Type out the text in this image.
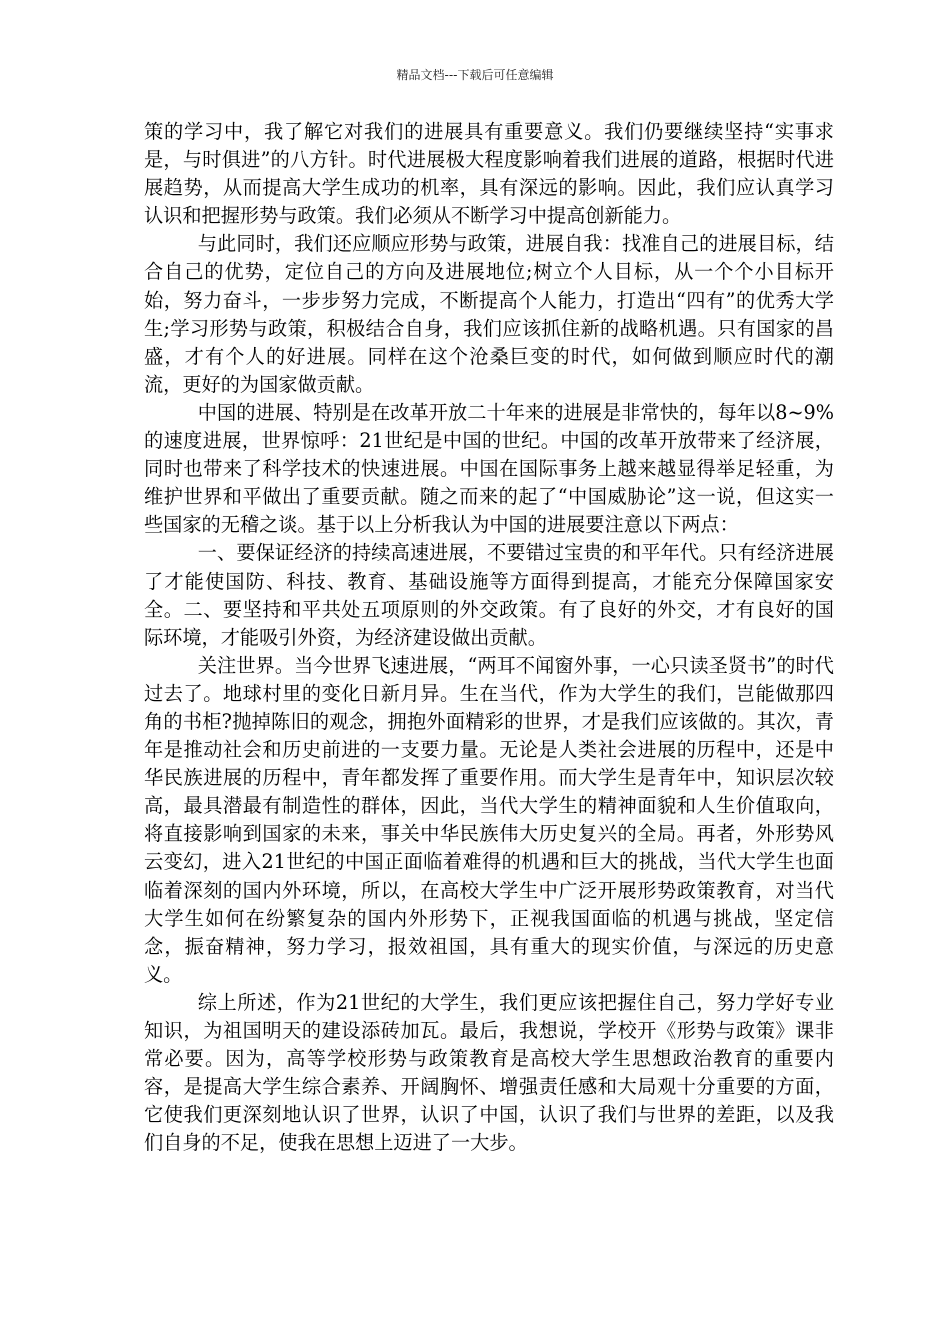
精品文档---下载后可任意编辑

策的学习中，我了解它对我们的进展具有重要意义。我们仍要继续坚持“实事求是，与时俱进”的八方针。时代进展极大程度影响着我们进展的道路，根据时代进展趋势，从而提高大学生成功的机率，具有深远的影响。因此，我们应认真学习认识和把握形势与政策。我们必须从不断学习中提高创新能力。

与此同时，我们还应顺应形势与政策，进展自我：找准自己的进展目标，结合自己的优势，定位自己的方向及进展地位;树立个人目标，从一个个小目标开始，努力奋斗，一步步努力完成，不断提高个人能力，打造出“四有”的优秀大学生;学习形势与政策，积极结合自身，我们应该抓住新的战略机遇。只有国家的昌盛，才有个人的好进展。同样在这个沧桑巨变的时代，如何做到顺应时代的潮流，更好的为国家做贡献。

中国的进展、特别是在改革开放二十年来的进展是非常快的，每年以8~9%的速度进展，世界惊呼：21世纪是中国的世纪。中国的改革开放带来了经济展，同时也带来了科学技术的快速进展。中国在国际事务上越来越显得举足轻重，为维护世界和平做出了重要贡献。随之而来的起了“中国威胁论”这一说，但这实一些国家的无稽之谈。基于以上分析我认为中国的进展要注意以下两点：

一、要保证经济的持续高速进展，不要错过宝贵的和平年代。只有经济进展了才能使国防、科技、教育、基础设施等方面得到提高，才能充分保障国家安全。二、要坚持和平共处五项原则的外交政策。有了良好的外交，才有良好的国际环境，才能吸引外资，为经济建设做出贡献。

关注世界。当今世界飞速进展，“两耳不闻窗外事，一心只读圣贤书”的时代过去了。地球村里的变化日新月异。生在当代，作为大学生的我们，岂能做那四角的书柜?抛掉陈旧的观念，拥抱外面精彩的世界，才是我们应该做的。其次，青年是推动社会和历史前进的一支要力量。无论是人类社会进展的历程中，还是中华民族进展的历程中，青年都发挥了重要作用。而大学生是青年中，知识层次较高，最具潜最有制造性的群体，因此，当代大学生的精神面貌和人生价值取向，将直接影响到国家的未来，事关中华民族伟大历史复兴的全局。再者，外形势风云变幻，进入21世纪的中国正面临着难得的机遇和巨大的挑战，当代大学生也面临着深刻的国内外环境，所以，在高校大学生中广泛开展形势政策教育，对当代大学生如何在纷繁复杂的国内外形势下，正视我国面临的机遇与挑战，坚定信念，振奋精神，努力学习，报效祖国，具有重大的现实价值，与深远的历史意义。

综上所述，作为21世纪的大学生，我们更应该把握住自己，努力学好专业知识，为祖国明天的建设添砖加瓦。最后，我想说，学校开《形势与政策》课非常必要。因为，高等学校形势与政策教育是高校大学生思想政治教育的重要内容，是提高大学生综合素养、开阔胸怀、增强责任感和大局观十分重要的方面，它使我们更深刻地认识了世界，认识了中国，认识了我们与世界的差距，以及我们自身的不足，使我在思想上迈进了一大步。
